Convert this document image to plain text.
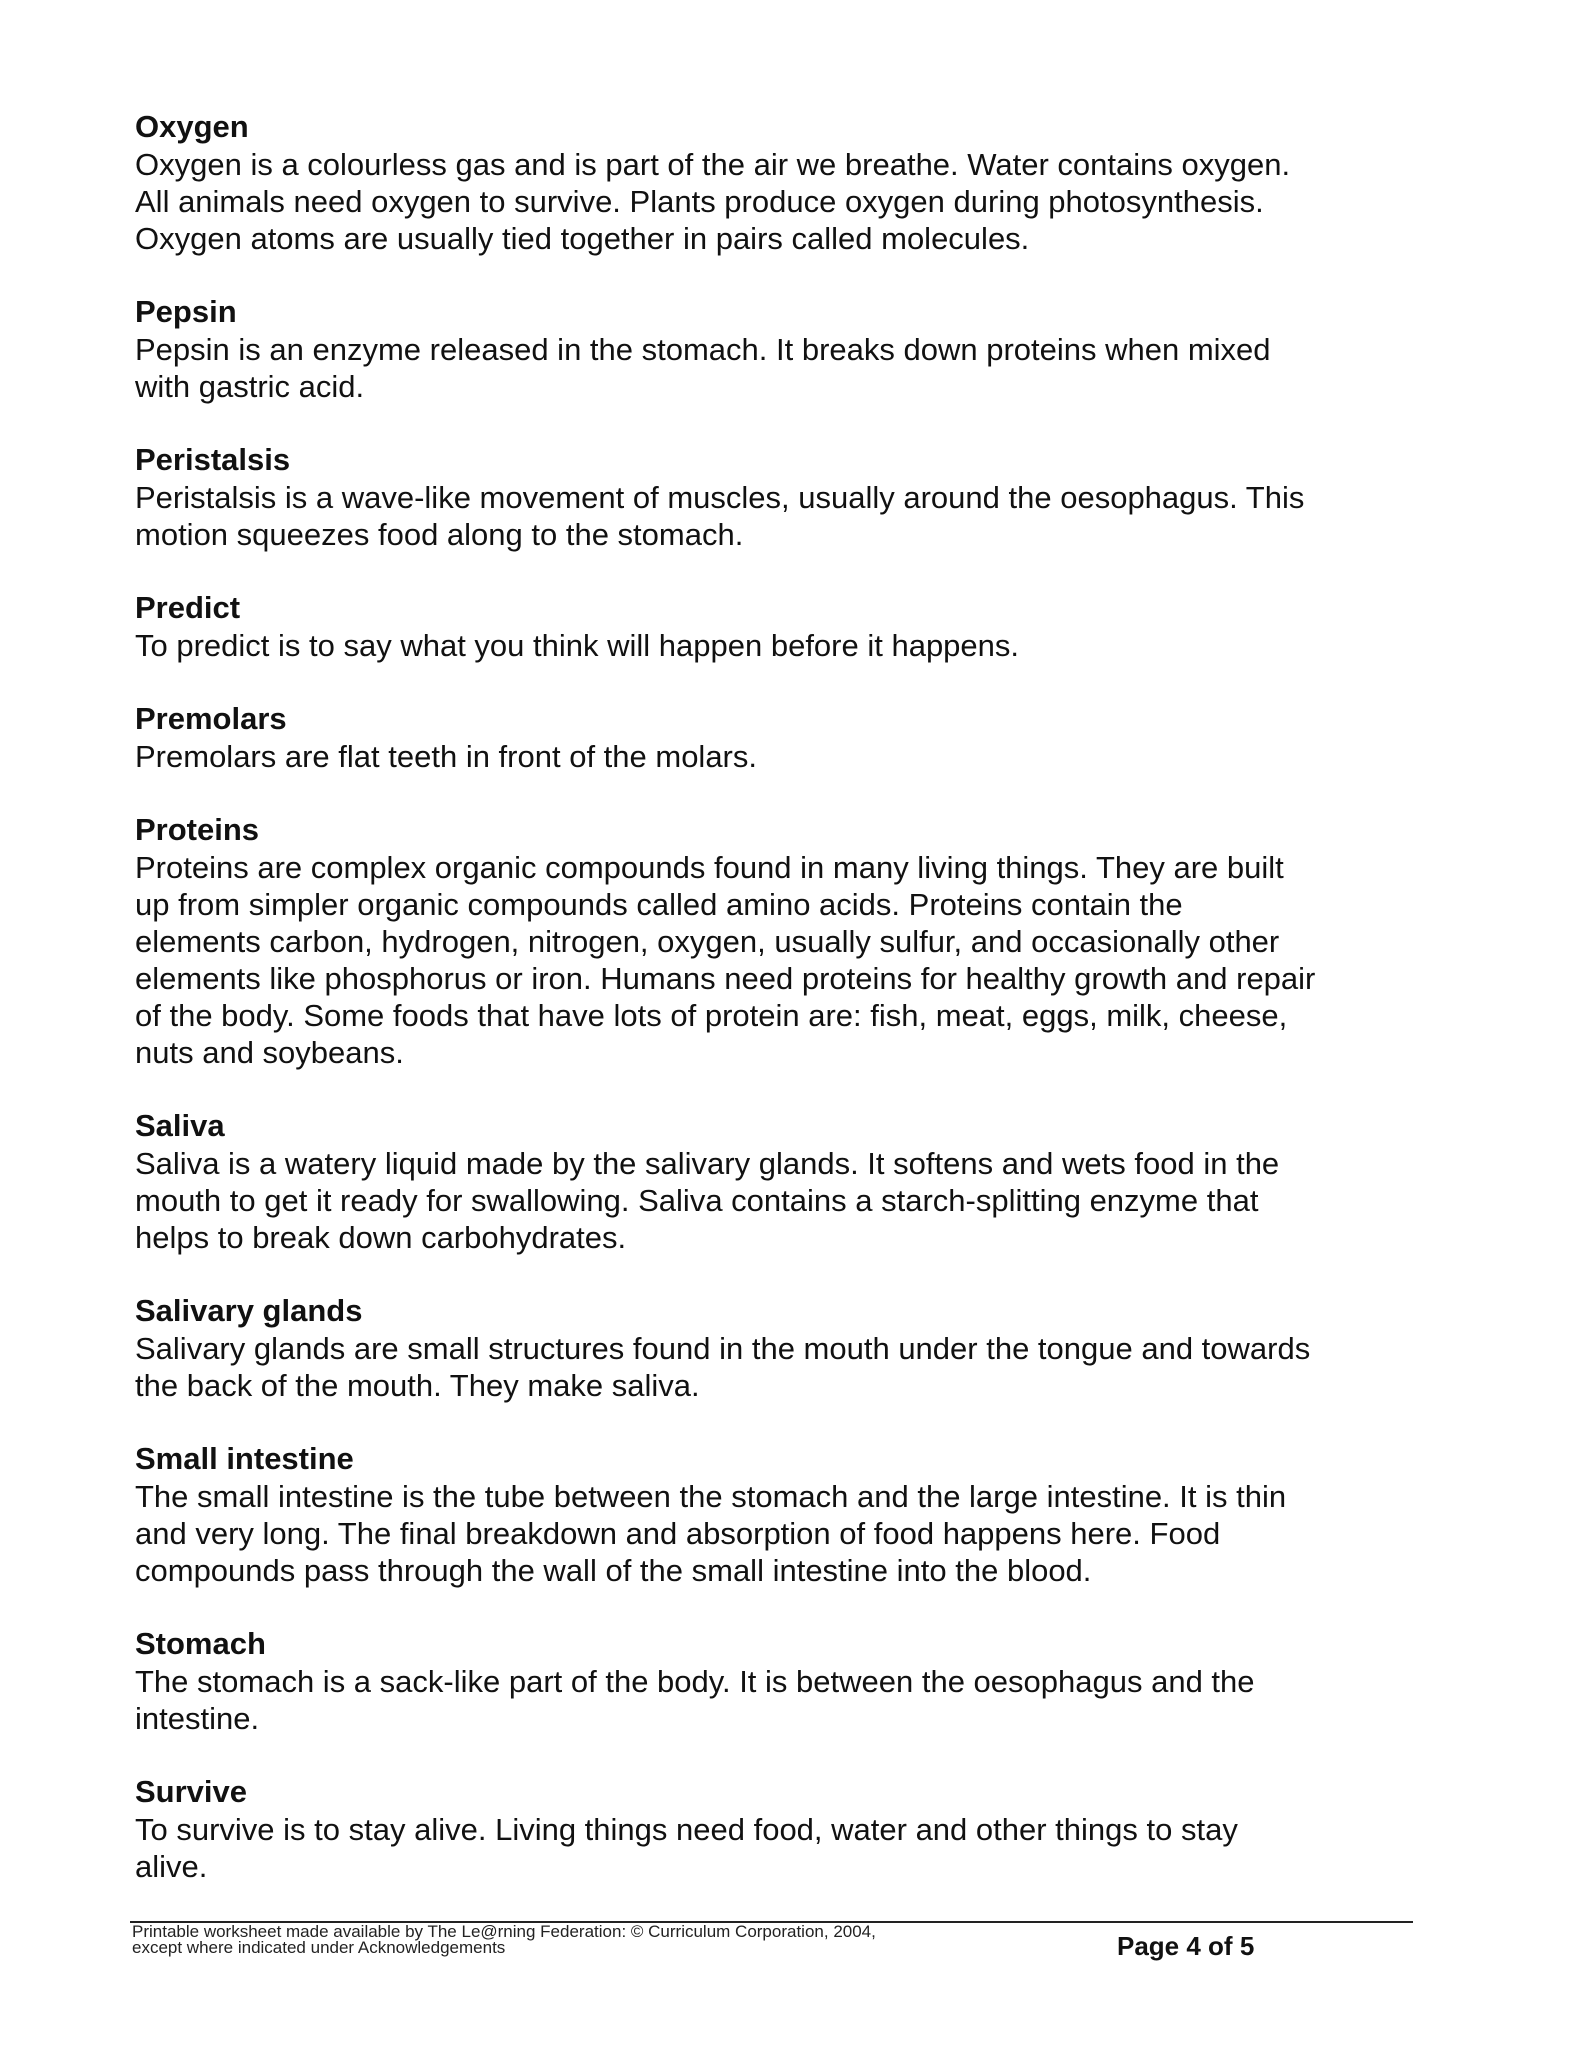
Oxygen

Oxygen is a colourless gas and is part of the air we breathe. Water contains oxygen.
All animals need oxygen to survive. Plants produce oxygen during photosynthesis.
Oxygen atoms are usually tied together in pairs called molecules.

Pepsin

Pepsin is an enzyme released in the stomach. It breaks down proteins when mixed
with gastric acid.

Peristalsis

Peristalsis is a wave-like movement of muscles, usually around the oesophagus. This
motion squeezes food along to the stomach.

Predict

To predict is to say what you think will happen before it happens.

Premolars

Premolars are flat teeth in front of the molars.

Proteins

Proteins are complex organic compounds found in many living things. They are built
up from simpler organic compounds called amino acids. Proteins contain the
elements carbon, hydrogen, nitrogen, oxygen, usually sulfur, and occasionally other
elements like phosphorus or iron. Humans need proteins for healthy growth and repair
of the body. Some foods that have lots of protein are: fish, meat, eggs, milk, cheese,
nuts and soybeans.

Saliva

Saliva is a watery liquid made by the salivary glands. It softens and wets food in the
mouth to get it ready for swallowing. Saliva contains a starch-splitting enzyme that
helps to break down carbohydrates.

Salivary glands

Salivary glands are small structures found in the mouth under the tongue and towards
the back of the mouth. They make saliva.

Small intestine

The small intestine is the tube between the stomach and the large intestine. It is thin
and very long. The final breakdown and absorption of food happens here. Food
compounds pass through the wall of the small intestine into the blood.

Stomach

The stomach is a sack-like part of the body. It is between the oesophagus and the
intestine.

Survive

To survive is to stay alive. Living things need food, water and other things to stay
alive.

Printable worksheet made available by The Le@rning Federation: © Curriculum Corporation, 2004,
except where indicated under Acknowledgements	Page 4 of 5
